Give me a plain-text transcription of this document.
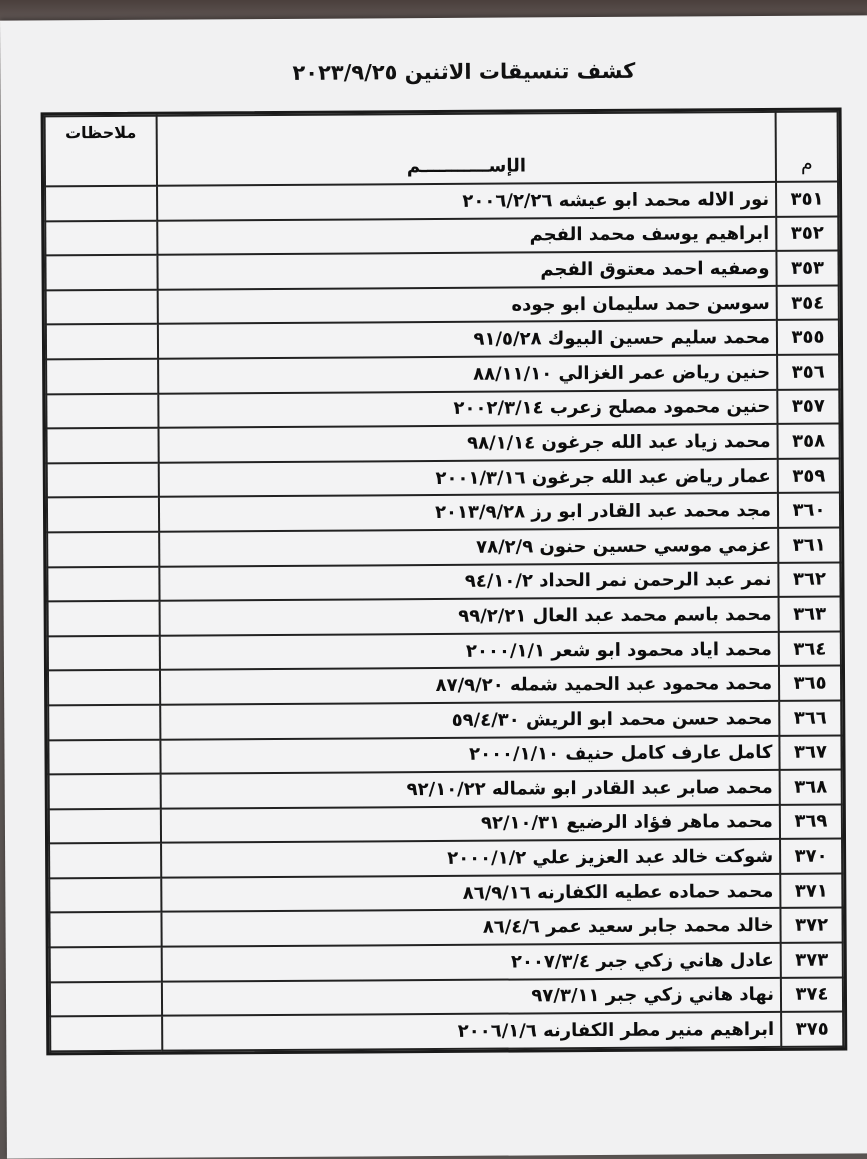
كشف تنسيقات الاثنين ٢٠٢٣/٩/٢٥
م	الإســـــــــــم	ملاحظات
٣٥١	نور الاله محمد ابو عيشه ٢٠٠٦/٢/٢٦	
٣٥٢	ابراهيم يوسف محمد الفجم	
٣٥٣	وصفيه احمد معتوق الفجم	
٣٥٤	سوسن حمد سليمان ابو جوده	
٣٥٥	محمد سليم حسين البيوك ٩١/٥/٢٨	
٣٥٦	حنين رياض عمر الغزالي ٨٨/١١/١٠	
٣٥٧	حنين محمود مصلح زعرب ٢٠٠٢/٣/١٤	
٣٥٨	محمد زياد عبد الله جرغون ٩٨/١/١٤	
٣٥٩	عمار رياض عبد الله جرغون ٢٠٠١/٣/١٦	
٣٦٠	مجد محمد عبد القادر ابو رز ٢٠١٣/٩/٢٨	
٣٦١	عزمي موسي حسين حنون ٧٨/٢/٩	
٣٦٢	نمر عبد الرحمن نمر الحداد ٩٤/١٠/٢	
٣٦٣	محمد باسم محمد عبد العال ٩٩/٢/٢١	
٣٦٤	محمد اياد محمود ابو شعر ٢٠٠٠/١/١	
٣٦٥	محمد محمود عبد الحميد شمله ٨٧/٩/٢٠	
٣٦٦	محمد حسن محمد ابو الريش ٥٩/٤/٣٠	
٣٦٧	كامل عارف كامل حنيف ٢٠٠٠/١/١٠	
٣٦٨	محمد صابر عبد القادر ابو شماله ٩٢/١٠/٢٢	
٣٦٩	محمد ماهر فؤاد الرضيع ٩٢/١٠/٣١	
٣٧٠	شوكت خالد عبد العزيز علي ٢٠٠٠/١/٢	
٣٧١	محمد حماده عطيه الكفارنه ٨٦/٩/١٦	
٣٧٢	خالد محمد جابر سعيد عمر ٨٦/٤/٦	
٣٧٣	عادل هاني زكي جبر ٢٠٠٧/٣/٤	
٣٧٤	نهاد هاني زكي جبر ٩٧/٣/١١	
٣٧٥	ابراهيم منير مطر الكفارنه ٢٠٠٦/١/٦	
